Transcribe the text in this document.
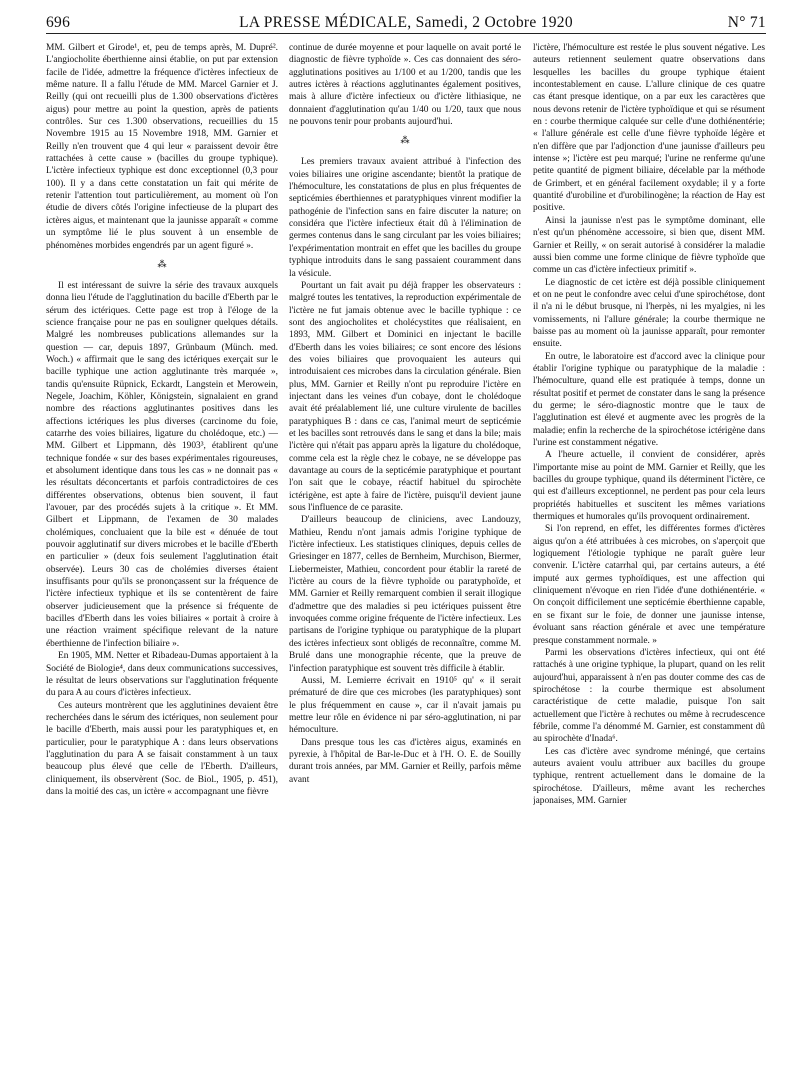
696	LA PRESSE MÉDICALE, Samedi, 2 Octobre 1920	N° 71

MM. Gilbert et Girode¹, et, peu de temps après, M. Dupré². L'angiocholite éberthienne ainsi établie, on put par extension facile de l'idée, admettre la fréquence d'ictères infectieux de même nature. Il a fallu l'étude de MM. Marcel Garnier et J. Reilly (qui ont recueilli plus de 1.300 observations d'ictères aigus) pour mettre au point la question, après de patients contrôles. Sur ces 1.300 observations, recueillies du 15 Novembre 1915 au 15 Novembre 1918, MM. Garnier et Reilly n'en trouvent que 4 qui leur « paraissent devoir être rattachées à cette cause » (bacilles du groupe typhique). L'ictère infectieux typhique est donc exceptionnel (0,3 pour 100). Il y a dans cette constatation un fait qui mérite de retenir l'attention tout particulièrement, au moment où l'on étudie de divers côtés l'origine infectieuse de la plupart des ictères aigus, et maintenant que la jaunisse apparaît « comme un symptôme lié le plus souvent à un ensemble de phénomènes morbides engendrés par un agent figuré ».

⁂

Il est intéressant de suivre la série des travaux auxquels donna lieu l'étude de l'agglutination du bacille d'Eberth par le sérum des ictériques. Cette page est trop à l'éloge de la science française pour ne pas en souligner quelques détails. Malgré les nombreuses publications allemandes sur la question — car, depuis 1897, Grünbaum (Münch. med. Woch.) « affirmait que le sang des ictériques exerçait sur le bacille typhique une action agglutinante très marquée », tandis qu'ensuite Rüpnick, Eckardt, Langstein et Merowein, Negele, Joachim, Köhler, Königstein, signalaient en grand nombre des réactions agglutinantes positives dans les affections ictériques les plus diverses (carcinome du foie, catarrhe des voies biliaires, ligature du cholédoque, etc.) — MM. Gilbert et Lippmann, dès 1903³, établirent qu'une technique fondée « sur des bases expérimentales rigoureuses, et absolument identique dans tous les cas » ne donnait pas « les résultats déconcertants et parfois contradictoires de ces différentes observations, obtenus bien souvent, il faut l'avouer, par des procédés sujets à la critique ». Et MM. Gilbert et Lippmann, de l'examen de 30 malades cholémiques, concluaient que la bile est « dénuée de tout pouvoir agglutinatif sur divers microbes et le bacille d'Eberth en particulier » (deux fois seulement l'agglutination était observée). Leurs 30 cas de cholémies diverses étaient insuffisants pour qu'ils se prononçassent sur la fréquence de l'ictère infectieux typhique et ils se contentèrent de faire observer judicieusement que la présence si fréquente de bacilles d'Eberth dans les voies biliaires « portait à croire à une réaction vraiment spécifique relevant de la nature éberthienne de l'infection biliaire ».

En 1905, MM. Netter et Ribadeau-Dumas apportaient à la Société de Biologie⁴, dans deux communications successives, le résultat de leurs observations sur l'agglutination fréquente du para A au cours d'ictères infectieux.

Ces auteurs montrèrent que les agglutinines devaient être recherchées dans le sérum des ictériques, non seulement pour le bacille d'Eberth, mais aussi pour les paratyphiques et, en particulier, pour le paratyphique A : dans leurs observations l'agglutination du para A se faisait constamment à un taux beaucoup plus élevé que celle de l'Eberth. D'ailleurs, cliniquement, ils observèrent (Soc. de Biol., 1905, p. 451), dans la moitié des cas, un ictère « accompagnant une fièvre

continue de durée moyenne et pour laquelle on avait porté le diagnostic de fièvre typhoïde ». Ces cas donnaient des séro-agglutinations positives au 1/100 et au 1/200, tandis que les autres ictères à réactions agglutinantes également positives, mais à allure d'ictère infectieux ou d'ictère lithiasique, ne donnaient d'agglutination qu'au 1/40 ou 1/20, taux que nous ne pouvons tenir pour probants aujourd'hui.

⁂

Les premiers travaux avaient attribué à l'infection des voies biliaires une origine ascendante; bientôt la pratique de l'hémoculture, les constatations de plus en plus fréquentes de septicémies éberthiennes et paratyphiques vinrent modifier la pathogénie de l'infection sans en faire discuter la nature; on considéra que l'ictère infectieux était dû à l'élimination de germes contenus dans le sang circulant par les voies biliaires; l'expérimentation montrait en effet que les bacilles du groupe typhique introduits dans le sang passaient couramment dans la vésicule.

Pourtant un fait avait pu déjà frapper les observateurs : malgré toutes les tentatives, la reproduction expérimentale de l'ictère ne fut jamais obtenue avec le bacille typhique : ce sont des angiocholites et cholécystites que réalisaient, en 1893, MM. Gilbert et Dominici en injectant le bacille d'Eberth dans les voies biliaires; ce sont encore des lésions des voies biliaires que provoquaient les auteurs qui introduisaient ces microbes dans la circulation générale. Bien plus, MM. Garnier et Reilly n'ont pu reproduire l'ictère en injectant dans les veines d'un cobaye, dont le cholédoque avait été préalablement lié, une culture virulente de bacilles paratyphiques B : dans ce cas, l'animal meurt de septicémie et les bacilles sont retrouvés dans le sang et dans la bile; mais l'ictère qui n'était pas apparu après la ligature du cholédoque, comme cela est la règle chez le cobaye, ne se développe pas davantage au cours de la septicémie paratyphique et pourtant l'on sait que le cobaye, réactif habituel du spirochète ictérigène, est apte à faire de l'ictère, puisqu'il devient jaune sous l'influence de ce parasite.

D'ailleurs beaucoup de cliniciens, avec Landouzy, Mathieu, Rendu n'ont jamais admis l'origine typhique de l'ictère infectieux. Les statistiques cliniques, depuis celles de Griesinger en 1877, celles de Bernheim, Murchison, Biermer, Liebermeister, Mathieu, concordent pour établir la rareté de l'ictère au cours de la fièvre typhoïde ou paratyphoïde, et MM. Garnier et Reilly remarquent combien il serait illogique d'admettre que des maladies si peu ictériques puissent être invoquées comme origine fréquente de l'ictère infectieux. Les partisans de l'origine typhique ou paratyphique de la plupart des ictères infectieux sont obligés de reconnaître, comme M. Brulé dans une monographie récente, que la preuve de l'infection paratyphique est souvent très difficile à établir.

Aussi, M. Lemierre écrivait en 1910⁵ qu' « il serait prématuré de dire que ces microbes (les paratyphiques) sont le plus fréquemment en cause », car il n'avait jamais pu mettre leur rôle en évidence ni par séro-agglutination, ni par hémoculture.

Dans presque tous les cas d'ictères aigus, examinés en pyrexie, à l'hôpital de Bar-le-Duc et à l'H. O. E. de Souilly durant trois années, par MM. Garnier et Reilly, parfois même avant

l'ictère, l'hémoculture est restée le plus souvent négative. Les auteurs retiennent seulement quatre observations dans lesquelles les bacilles du groupe typhique étaient incontestablement en cause. L'allure clinique de ces quatre cas étant presque identique, on a par eux les caractères que nous devons retenir de l'ictère typhoïdique et qui se résument en : courbe thermique calquée sur celle d'une dothiénentérie; « l'allure générale est celle d'une fièvre typhoïde légère et n'en diffère que par l'adjonction d'une jaunisse d'ailleurs peu intense »; l'ictère est peu marqué; l'urine ne renferme qu'une petite quantité de pigment biliaire, décelable par la méthode de Grimbert, et en général facilement oxydable; il y a forte quantité d'urobiline et d'urobilinogène; la réaction de Hay est positive.

Ainsi la jaunisse n'est pas le symptôme dominant, elle n'est qu'un phénomène accessoire, si bien que, disent MM. Garnier et Reilly, « on serait autorisé à considérer la maladie aussi bien comme une forme clinique de fièvre typhoïde que comme un cas d'ictère infectieux primitif ».

Le diagnostic de cet ictère est déjà possible cliniquement et on ne peut le confondre avec celui d'une spirochétose, dont il n'a ni le début brusque, ni l'herpès, ni les myalgies, ni les vomissements, ni l'allure générale; la courbe thermique ne baisse pas au moment où la jaunisse apparaît, pour remonter ensuite.

En outre, le laboratoire est d'accord avec la clinique pour établir l'origine typhique ou paratyphique de la maladie : l'hémoculture, quand elle est pratiquée à temps, donne un résultat positif et permet de constater dans le sang la présence du germe; le séro-diagnostic montre que le taux de l'agglutination est élevé et augmente avec les progrès de la maladie; enfin la recherche de la spirochétose ictérigène dans l'urine est constamment négative.

A l'heure actuelle, il convient de considérer, après l'importante mise au point de MM. Garnier et Reilly, que les bacilles du groupe typhique, quand ils déterminent l'ictère, ce qui est d'ailleurs exceptionnel, ne perdent pas pour cela leurs propriétés habituelles et suscitent les mêmes variations thermiques et humorales qu'ils provoquent ordinairement.

Si l'on reprend, en effet, les différentes formes d'ictères aigus qu'on a été attribuées à ces microbes, on s'aperçoit que logiquement l'étiologie typhique ne paraît guère leur convenir. L'ictère catarrhal qui, par certains auteurs, a été imputé aux germes typhoïdiques, est une affection qui cliniquement n'évoque en rien l'idée d'une dothiénentérie. « On conçoit difficilement une septicémie éberthienne capable, en se fixant sur le foie, de donner une jaunisse intense, évoluant sans réaction générale et avec une température presque constamment normale. »

Parmi les observations d'ictères infectieux, qui ont été rattachés à une origine typhique, la plupart, quand on les relit aujourd'hui, apparaissent à n'en pas douter comme des cas de spirochétose : la courbe thermique est absolument caractéristique de cette maladie, puisque l'on sait actuellement que l'ictère à rechutes ou même à recrudescence fébrile, comme l'a dénommé M. Garnier, est constamment dû au spirochète d'Inada⁶.

Les cas d'ictère avec syndrome méningé, que certains auteurs avaient voulu attribuer aux bacilles du groupe typhique, rentrent actuellement dans le domaine de la spirochétose. D'ailleurs, même avant les recherches japonaises, MM. Garnier
